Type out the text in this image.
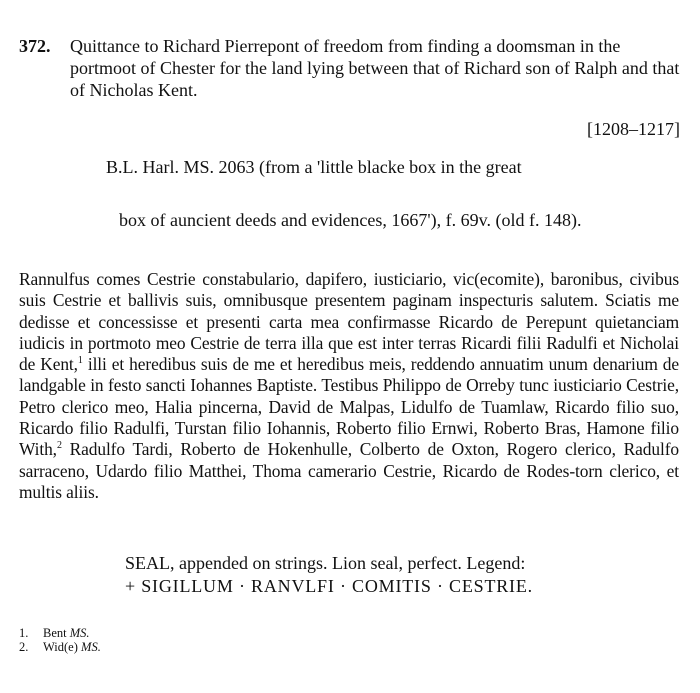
372. Quittance to Richard Pierrepont of freedom from finding a doomsman in the portmoot of Chester for the land lying between that of Richard son of Ralph and that of Nicholas Kent.
[1208–1217]
B.L. Harl. MS. 2063 (from a 'little blacke box in the great
box of auncient deeds and evidences, 1667'), f. 69v. (old f. 148).
Rannulfus comes Cestrie constabulario, dapifero, iusticiario, vic(ecomite), baronibus, civibus suis Cestrie et ballivis suis, omnibusque presentem paginam inspecturis salutem. Sciatis me dedisse et concessisse et presenti carta mea confirmasse Ricardo de Perepunt quietanciam iudicis in portmoto meo Cestrie de terra illa que est inter terras Ricardi filii Radulfi et Nicholai de Kent,$^1$ illi et heredibus suis de me et heredibus meis, reddendo annuatim unum denarium de landgable in festo sancti Iohannes Baptiste. Testibus Philippo de Orreby tunc iusticiario Cestrie, Petro clerico meo, Halia pincerna, David de Malpas, Lidulfo de Tuamlaw, Ricardo filio suo, Ricardo filio Radulfi, Turstan filio Iohannis, Roberto filio Ernwi, Roberto Bras, Hamone filio With,$^2$ Radulfo Tardi, Roberto de Hokenhulle, Colberto de Oxton, Rogero clerico, Radulfo sarraceno, Udardo filio Matthei, Thoma camerario Cestrie, Ricardo de Rodes-torn clerico, et multis aliis.
SEAL, appended on strings. Lion seal, perfect. Legend:
+ SIGILLUM · RANVLFI · COMITIS · CESTRIE.
1. Bent MS.
2. Wid(e) MS.
